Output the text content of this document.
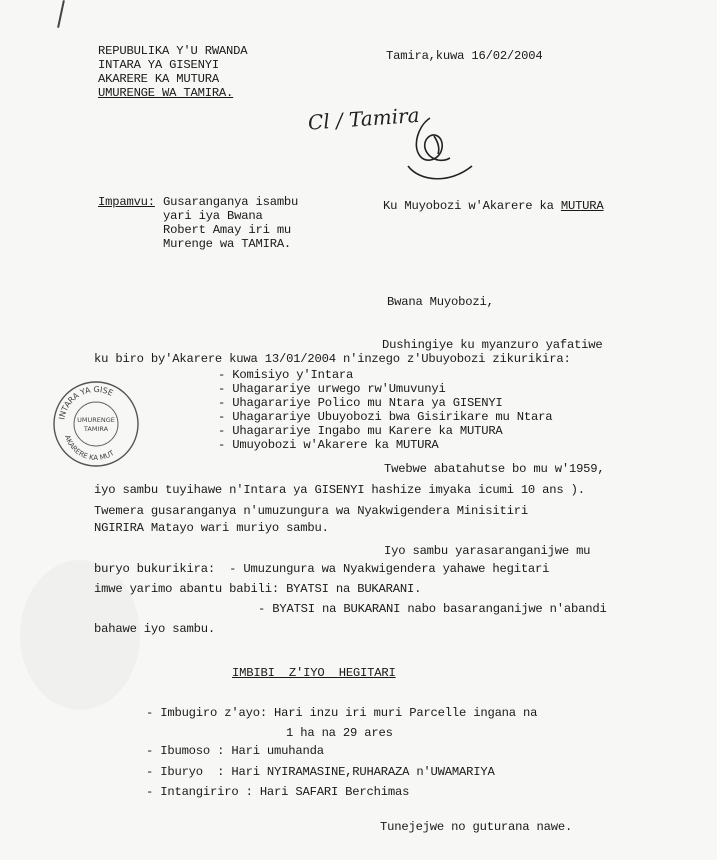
REPUBULIKA Y'U RWANDA
INTARA YA GISENYI
AKARERE KA MUTURA
UMURENGE WA TAMIRA.
Tamira,kuwa 16/02/2004
Cl / Tamira
Impamvu: Gusaranganya isambu
yari iya Bwana
Robert Amay iri mu
Murenge wa TAMIRA.
Ku Muyobozi w'Akarere ka MUTURA
Bwana Muyobozi,
Dushingiye ku myanzuro yafatiwe
ku biro by'Akarere kuwa 13/01/2004 n'inzego z'Ubuyobozi zikurikira:
- Komisiyo y'Intara
- Uhagarariye urwego rw'Umuvunyi
- Uhagarariye Polico mu Ntara ya GISENYI
- Uhagarariye Ubuyobozi bwa Gisirikare mu Ntara
- Uhagarariye Ingabo mu Karere ka MUTURA
- Umuyobozi w'Akarere ka MUTURA
INTARA YA GISE
AKARERE KA MUT
UMURENGE
TAMIRA
Twebwe abatahutse bo mu w'1959,
iyo sambu tuyihawe n'Intara ya GISENYI hashize imyaka icumi 10 ans ).
Twemera gusaranganya n'umuzungura wa Nyakwigendera Minisitiri
NGIRIRA Matayo wari muriyo sambu.
Iyo sambu yarasaranganijwe mu
buryo bukurikira:  - Umuzungura wa Nyakwigendera yahawe hegitari
imwe yarimo abantu babili: BYATSI na BUKARANI.
- BYATSI na BUKARANI nabo basaranganijwe n'abandi
bahawe iyo sambu.
IMBIBI  Z'IYO  HEGITARI
- Imbugiro z'ayo: Hari inzu iri muri Parcelle ingana na
1 ha na 29 ares
- Ibumoso : Hari umuhanda
- Iburyo  : Hari NYIRAMASINE,RUHARAZA n'UWAMARIYA
- Intangiriro : Hari SAFARI Berchimas
Tunejejwe no guturana nawe.
